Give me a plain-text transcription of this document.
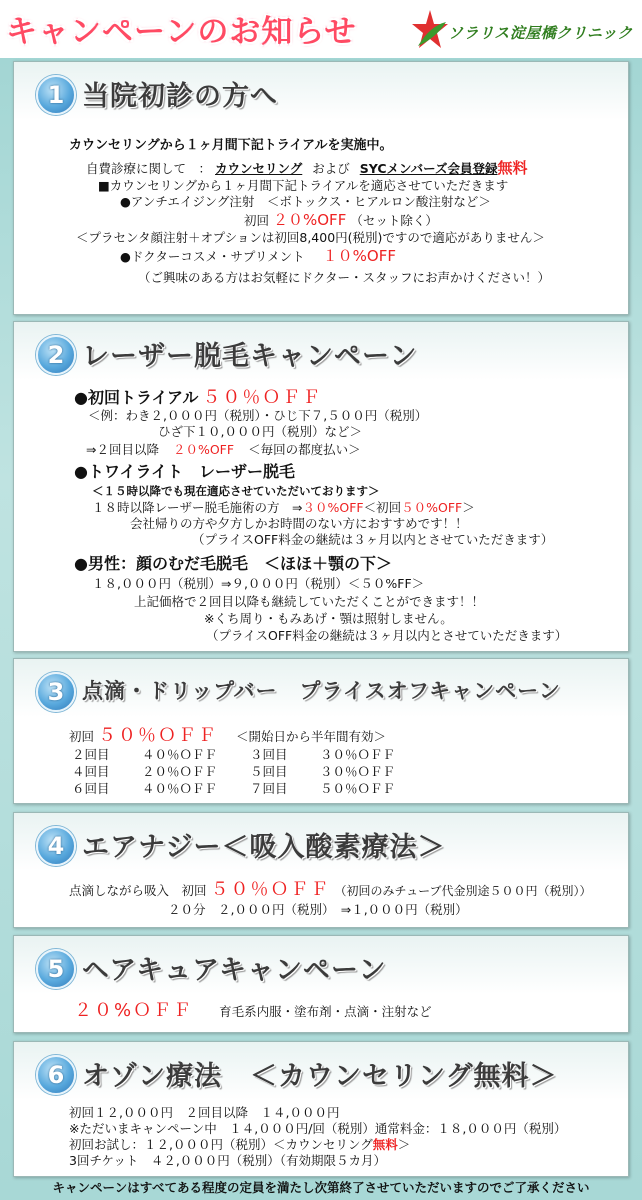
キャンペーンのお知らせ	ソラリス淀屋橋クリニック
1 当院初診の方へ
カウンセリングから１ヶ月間下記トライアルを実施中。
自費診療に関して　： カウンセリング および SYCメンバーズ会員登録無料
■カウンセリングから１ヶ月間下記トライアルを適応させていただきます
●アンチエイジング注射　＜ボトックス・ヒアルロン酸注射など＞
初回 ２０%OFF （セット除く）
＜プラセンタ顔注射＋オプションは初回8,400円(税別)ですので適応がありません＞
●ドクターコスメ・サプリメント １０%OFF
（ご興味のある方はお気軽にドクター・スタッフにお声かけください！）
2 レーザー脱毛キャンペーン
●初回トライアル ５０％ＯＦＦ
＜例：わき２,０００円（税別）・ひじ下７,５００円（税別）
ひざ下１０,０００円（税別）など＞
⇒２回目以降 ２０%OFF ＜毎回の都度払い＞
●トワイライト　レーザー脱毛
＜１５時以降でも現在適応させていただいております＞
１８時以降レーザー脱毛施術の方　⇒３０%OFF＜初回５０%OFF＞
会社帰りの方や夕方しかお時間のない方におすすめです！！
（プライスOFF料金の継続は３ヶ月以内とさせていただきます）
●男性：顔のむだ毛脱毛　＜ほほ＋顎の下＞
１８,０００円（税別）⇒９,０００円（税別）＜５０%FF＞
上記価格で２回目以降も継続していただくことができます！！
※くち周り・もみあげ・顎は照射しません。
（プライスOFF料金の継続は３ヶ月以内とさせていただきます）
3 点滴・ドリップバー　プライスオフキャンペーン
初回 ５０％ＯＦＦ ＜開始日から半年間有効＞
２回目	４０％ＯＦＦ	３回目	３０％ＯＦＦ
４回目	２０％ＯＦＦ	５回目	３０％ＯＦＦ
６回目	４０％ＯＦＦ	７回目	５０％ＯＦＦ
4 エアナジー＜吸入酸素療法＞
点滴しながら吸入　初回 ５０％ＯＦＦ （初回のみチューブ代金別途５００円（税別））
２０分　２,０００円（税別）　⇒１,０００円（税別）
5 ヘアキュアキャンペーン
２０%ＯＦＦ 育毛系内服・塗布剤・点滴・注射など
6 オゾン療法　＜カウンセリング無料＞
初回１２,０００円　２回目以降　１４,０００円
※ただいまキャンペーン中　１４,０００円/回（税別）通常料金：１８,０００円（税別）
初回お試し：１２,０００円（税別）＜カウンセリング無料＞
3回チケット　４２,０００円（税別）（有効期限５カ月）
キャンペーンはすべてある程度の定員を満たし次第終了させていただいますのでご了承ください
